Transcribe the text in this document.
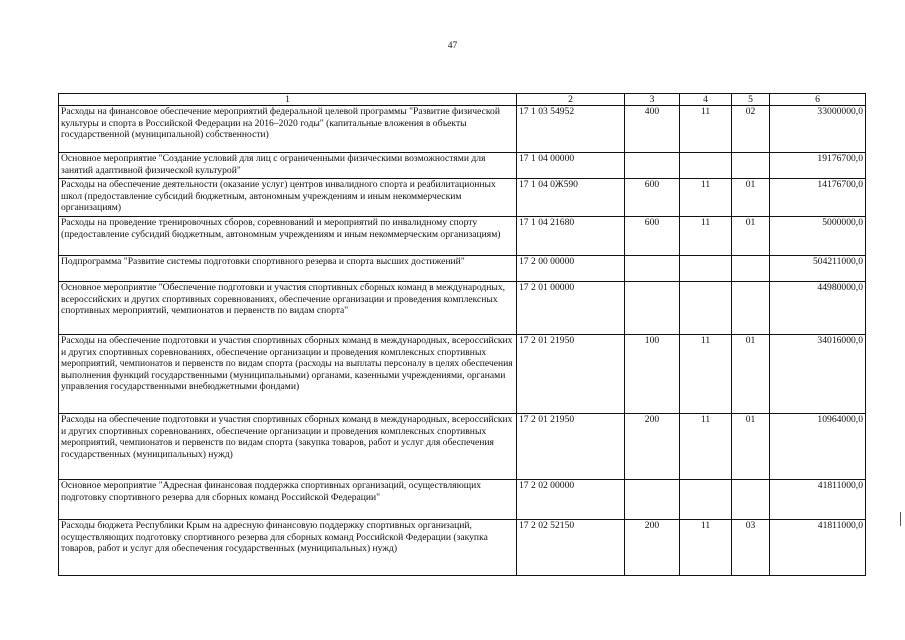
47
1	2	3	4	5	6
Расходы на финансовое обеспечение мероприятий федеральной целевой программы "Развитие физической культуры и спорта в Российской Федерации на 2016–2020 годы" (капитальные вложения в объекты государственной (муниципальной) собственности)	17 1 03 54952	400	11	02	33000000,0
Основное мероприятие "Создание условий для лиц с ограниченными физическими возможностями для занятий адаптивной физической культурой"	17 1 04 00000				19176700,0
Расходы на обеспечение деятельности (оказание услуг) центров инвалидного спорта и реабилитационных школ (предоставление субсидий бюджетным, автономным учреждениям и иным некоммерческим организациям)	17 1 04 0Ж590	600	11	01	14176700,0
Расходы на проведение тренировочных сборов, соревнований и мероприятий по инвалидному спорту (предоставление субсидий бюджетным, автономным учреждениям и иным некоммерческим организациям)	17 1 04 21680	600	11	01	5000000,0
Подпрограмма "Развитие системы подготовки спортивного резерва и спорта высших достижений"	17 2 00 00000				504211000,0
Основное мероприятие "Обеспечение подготовки и участия спортивных сборных команд в международных, всероссийских и других спортивных соревнованиях, обеспечение организации и проведения комплексных спортивных мероприятий, чемпионатов и первенств по видам спорта"	17 2 01 00000				44980000,0
Расходы на обеспечение подготовки и участия спортивных сборных команд в международных, всероссийских и других спортивных соревнованиях, обеспечение организации и проведения комплексных спортивных мероприятий, чемпионатов и первенств по видам спорта (расходы на выплаты персоналу в целях обеспечения выполнения функций государственными (муниципальными) органами, казенными учреждениями, органами управления государственными внебюджетными фондами)	17 2 01 21950	100	11	01	34016000,0
Расходы на обеспечение подготовки и участия спортивных сборных команд в международных, всероссийских и других спортивных соревнованиях, обеспечение организации и проведения комплексных спортивных мероприятий, чемпионатов и первенств по видам спорта (закупка товаров, работ и услуг для обеспечения государственных (муниципальных) нужд)	17 2 01 21950	200	11	01	10964000,0
Основное мероприятие "Адресная финансовая поддержка спортивных организаций, осуществляющих подготовку спортивного резерва для сборных команд Российской Федерации"	17 2 02 00000				41811000,0
Расходы бюджета Республики Крым на адресную финансовую поддержку спортивных организаций, осуществляющих подготовку спортивного резерва для сборных команд Российской Федерации (закупка товаров, работ и услуг для обеспечения государственных (муниципальных) нужд)	17 2 02 52150	200	11	03	41811000,0
